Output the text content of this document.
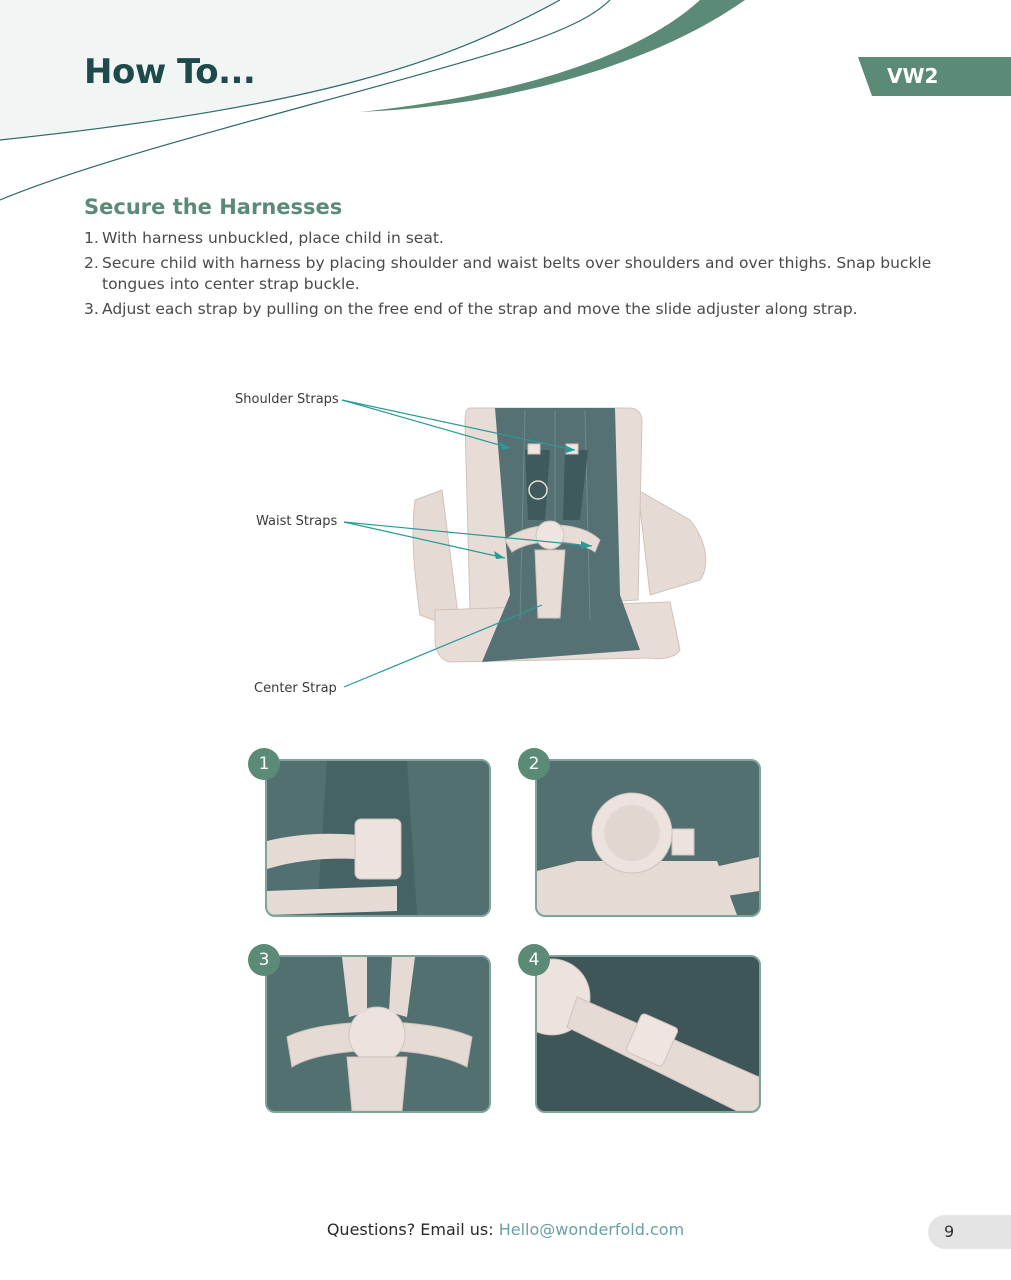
How To...	VW2
Secure the Harnesses
1. With harness unbuckled, place child in seat.
2. Secure child with harness by placing shoulder and waist belts over shoulders and over thighs. Snap buckle
tongues into center strap buckle.
3. Adjust each strap by pulling on the free end of the strap and move the slide adjuster along strap.
Shoulder Straps
Waist Straps
Center Strap
1	2
3	4
Questions? Email us: Hello@wonderfold.com	9
